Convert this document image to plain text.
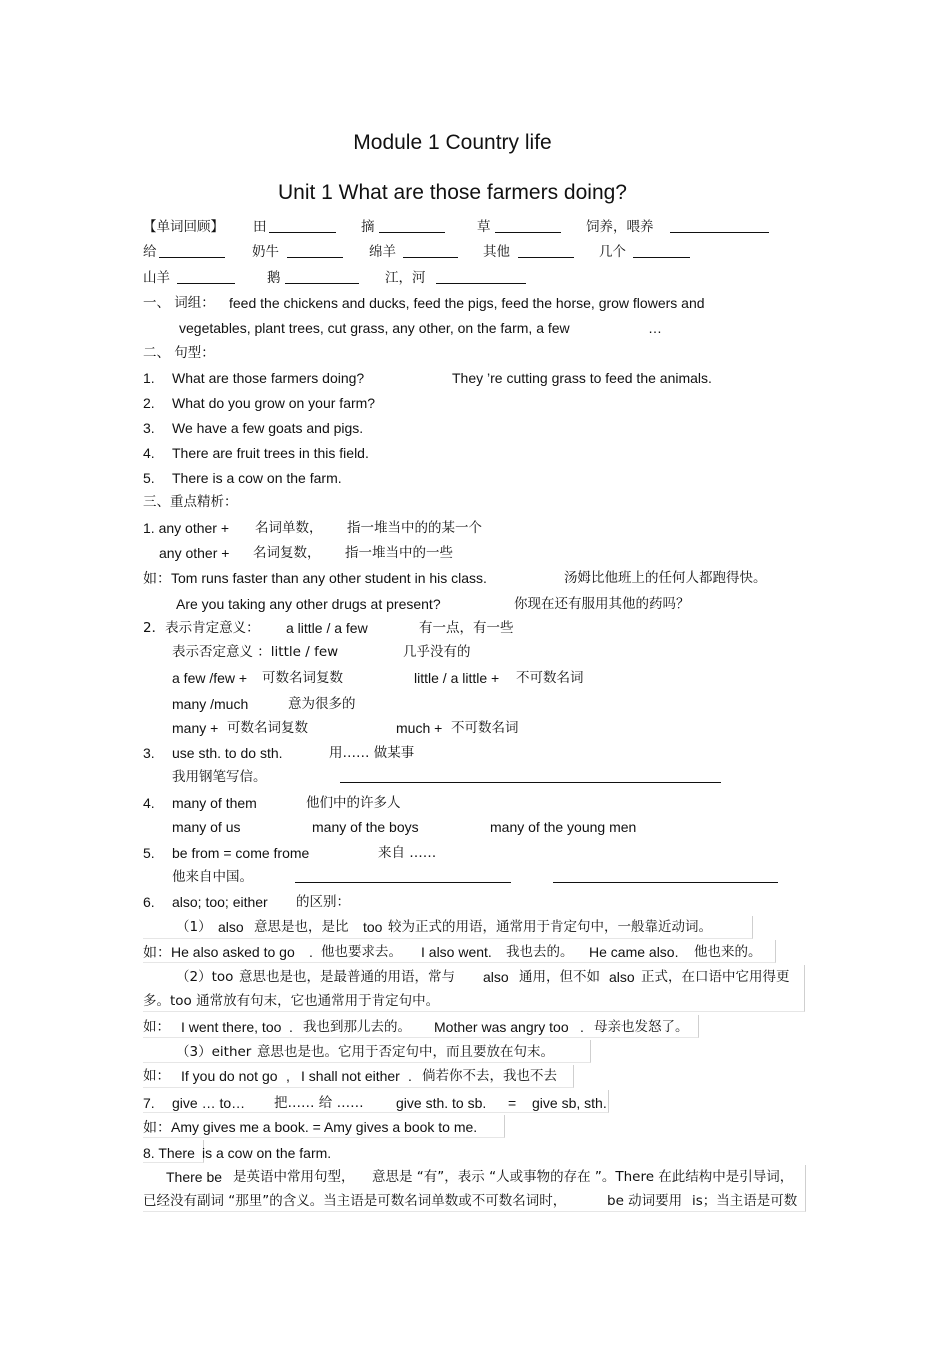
Module 1 Country life
Unit 1 What are those farmers doing?
【单词回顾】 田	摘	草	饲养，喂养
给	奶牛	绵羊	其他	几个
山羊	鹅	江，河
一、 词组： feed the chickens and ducks, feed the pigs, feed the horse, grow flowers and
vegetables, plant trees, cut grass, any other, on the farm, a few	…
二、 句型：
1. What are those farmers doing?	They ’re cutting grass to feed the animals.
2. What do you grow on your farm?
3. We have a few goats and pigs.
4. There are fruit trees in this field.
5. There is a cow on the farm.
三、重点精析：
1. any other + 名词单数， 指一堆当中的的某一个
any other + 名词复数， 指一堆当中的一些
如：Tom runs faster than any other student in his class.	汤姆比他班上的任何人都跑得快。
Are you taking any other drugs at present?	你现在还有服用其他的药吗？
2．表示肯定意义： a little / a few	有一点，有一些
表示否定意义 ：little / few	几乎没有的
a few /few + 可数名词复数	little / a little + 不可数名词
many /much	意为很多的
many + 可数名词复数	much + 不可数名词
3. use sth. to do sth.	用…… 做某事
我用钢笔写信。
4. many of them	他们中的许多人
many of us	many of the boys	many of the young men
5. be from = come frome	来自 ……
他来自中国。
6. also; too; either 的区别：
（1） also 意思是也，是比 too 较为正式的用语，通常用于肯定句中，一般靠近动词。
如：He also asked to go . 他也要求去。 I also went. 我也去的。 He came also. 他也来的。
（2）too 意思也是也，是最普通的用语，常与 also 通用，但不如 also 正式，在口语中它用得更
多。too 通常放有句末，它也通常用于肯定句中。
如： I went there, too . 我也到那儿去的。 Mother was angry too . 母亲也发怒了。
（3）either 意思也是也。它用于否定句中，而且要放在句末。
如： If you do not go , I shall not either . 倘若你不去，我也不去
7. give … to… 把…… 给 …… give sth. to sb. = give sb, sth.
如：Amy gives me a book. = Amy gives a book to me.
8. There is a cow on the farm.
There be 是英语中常用句型， 意思是 “有”，表示 “人或事物的存在 ”。There 在此结构中是引导词，
已经没有副词 “那里”的含义。当主语是可数名词单数或不可数名词时，	be 动词要用 is；当主语是可数
